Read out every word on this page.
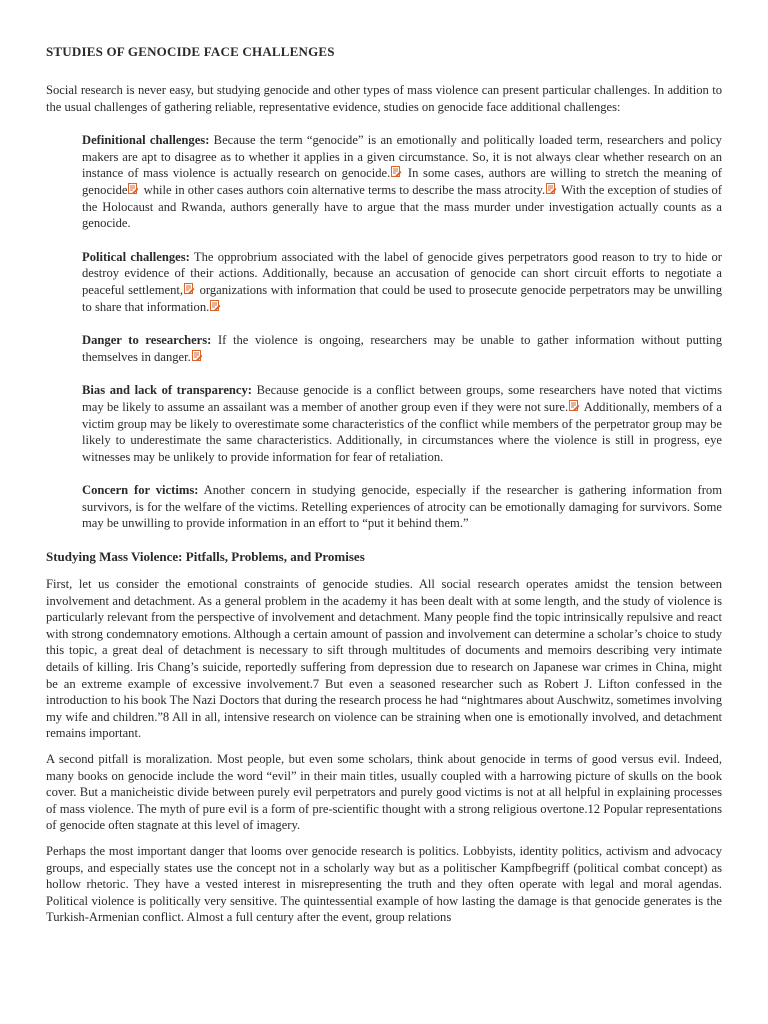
STUDIES OF GENOCIDE FACE CHALLENGES

Social research is never easy, but studying genocide and other types of mass violence can present particular challenges. In addition to the usual challenges of gathering reliable, representative evidence, studies on genocide face additional challenges:

Definitional challenges: Because the term “genocide” is an emotionally and politically loaded term, researchers and policy makers are apt to disagree as to whether it applies in a given circumstance. So, it is not always clear whether research on an instance of mass violence is actually research on genocide.
In some cases, authors are willing to stretch the meaning of genocide
while in other cases authors coin alternative terms to describe the mass atrocity.
With the exception of studies of the Holocaust and Rwanda, authors generally have to argue that the mass murder under investigation actually counts as a genocide.

Political challenges: The opprobrium associated with the label of genocide gives perpetrators good reason to try to hide or destroy evidence of their actions. Additionally, because an accusation of genocide can short circuit efforts to negotiate a peaceful settlement,
organizations with information that could be used to prosecute genocide perpetrators may be unwilling to share that information.

Danger to researchers: If the violence is ongoing, researchers may be unable to gather information without putting themselves in danger.

Bias and lack of transparency: Because genocide is a conflict between groups, some researchers have noted that victims may be likely to assume an assailant was a member of another group even if they were not sure.
Additionally, members of a victim group may be likely to overestimate some characteristics of the conflict while members of the perpetrator group may be likely to underestimate the same characteristics. Additionally, in circumstances where the violence is still in progress, eye witnesses may be unlikely to provide information for fear of retaliation.

Concern for victims: Another concern in studying genocide, especially if the researcher is gathering information from survivors, is for the welfare of the victims. Retelling experiences of atrocity can be emotionally damaging for survivors. Some may be unwilling to provide information in an effort to “put it behind them.”

Studying Mass Violence: Pitfalls, Problems, and Promises

First, let us consider the emotional constraints of genocide studies. All social research operates amidst the tension between involvement and detachment. As a general problem in the academy it has been dealt with at some length, and the study of violence is particularly relevant from the perspective of involvement and detachment. Many people find the topic intrinsically repulsive and react with strong condemnatory emotions. Although a certain amount of passion and involvement can determine a scholar’s choice to study this topic, a great deal of detachment is necessary to sift through multitudes of documents and memoirs describing very intimate details of killing. Iris Chang’s suicide, reportedly suffering from depression due to research on Japanese war crimes in China, might be an extreme example of excessive involvement.7 But even a seasoned researcher such as Robert J. Lifton confessed in the introduction to his book The Nazi Doctors that during the research process he had “nightmares about Auschwitz, sometimes involving my wife and children.”8 All in all, intensive research on violence can be straining when one is emotionally involved, and detachment remains important.

A second pitfall is moralization. Most people, but even some scholars, think about genocide in terms of good versus evil. Indeed, many books on genocide include the word “evil” in their main titles, usually coupled with a harrowing picture of skulls on the book cover. But a manicheistic divide between purely evil perpetrators and purely good victims is not at all helpful in explaining processes of mass violence. The myth of pure evil is a form of pre-scientific thought with a strong religious overtone.12 Popular representations of genocide often stagnate at this level of imagery.

Perhaps the most important danger that looms over genocide research is politics. Lobbyists, identity politics, activism and advocacy groups, and especially states use the concept not in a scholarly way but as a politischer Kampfbegriff (political combat concept) as hollow rhetoric. They have a vested interest in misrepresenting the truth and they often operate with legal and moral agendas. Political violence is politically very sensitive. The quintessential example of how lasting the damage is that genocide generates is the Turkish-Armenian conflict. Almost a full century after the event, group relations
